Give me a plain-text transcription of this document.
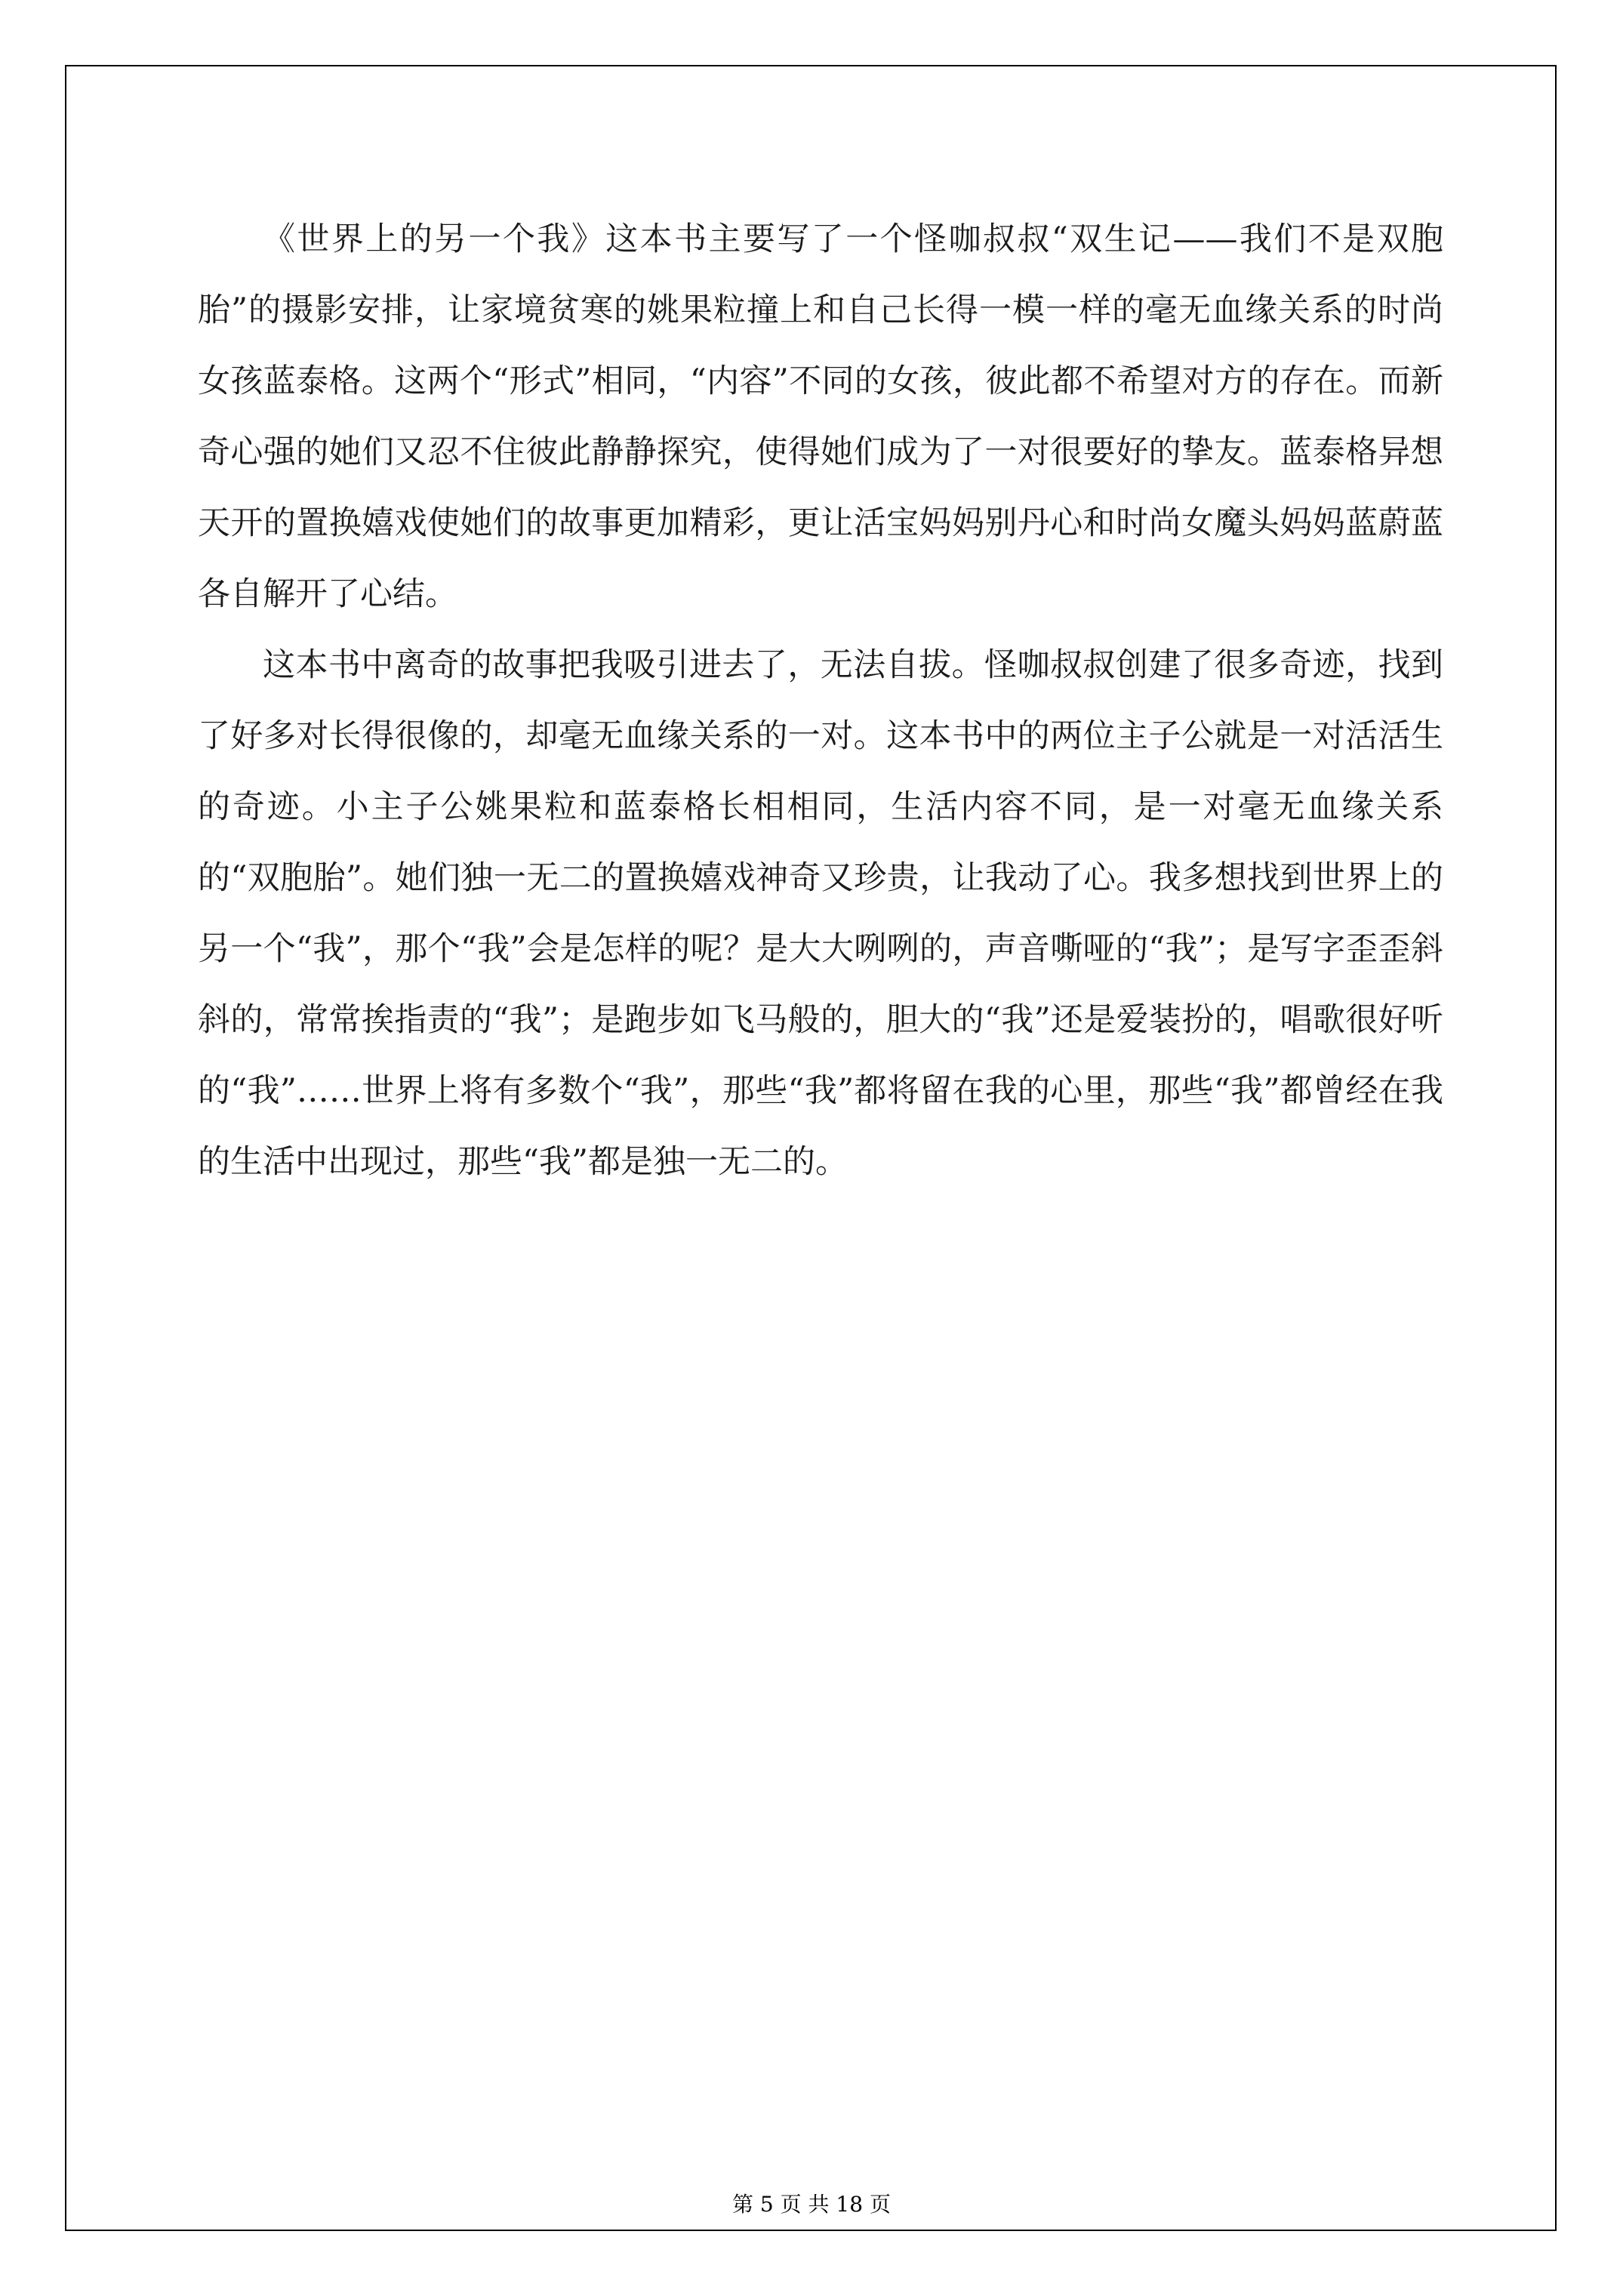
《世界上的另一个我》这本书主要写了一个怪咖叔叔“双生记——我们不是双胞胎”的摄影安排，让家境贫寒的姚果粒撞上和自己长得一模一样的毫无血缘关系的时尚女孩蓝泰格。这两个“形式”相同，“内容”不同的女孩，彼此都不希望对方的存在。而新奇心强的她们又忍不住彼此静静探究，使得她们成为了一对很要好的挚友。蓝泰格异想天开的置换嬉戏使她们的故事更加精彩，更让活宝妈妈别丹心和时尚女魔头妈妈蓝蔚蓝各自解开了心结。

这本书中离奇的故事把我吸引进去了，无法自拔。怪咖叔叔创建了很多奇迹，找到了好多对长得很像的，却毫无血缘关系的一对。这本书中的两位主子公就是一对活活生的奇迹。小主子公姚果粒和蓝泰格长相相同，生活内容不同，是一对毫无血缘关系的“双胞胎”。她们独一无二的置换嬉戏神奇又珍贵，让我动了心。我多想找到世界上的另一个“我”，那个“我”会是怎样的呢？是大大咧咧的，声音嘶哑的“我”；是写字歪歪斜斜的，常常挨指责的“我”；是跑步如飞马般的，胆大的“我”还是爱装扮的，唱歌很好听的“我”……世界上将有多数个“我”，那些“我”都将留在我的心里，那些“我”都曾经在我的生活中出现过，那些“我”都是独一无二的。

第 5 页 共 18 页
